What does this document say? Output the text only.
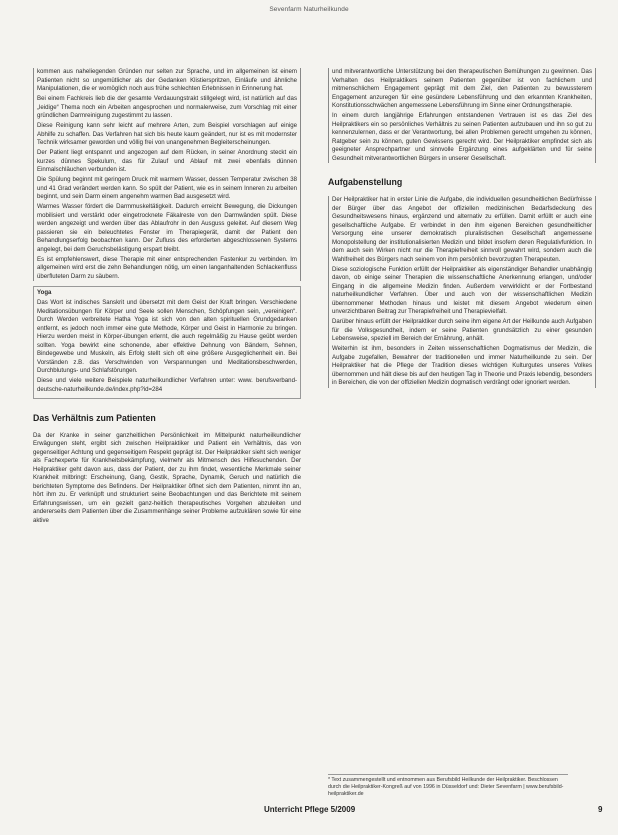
Sevenfarm Naturheilkunde

kommen aus naheliegenden Gründen nur selten zur Sprache, und im allgemeinen ist einem Patienten nicht so ungemütlicher als der Gedanken Klistierspritzen, Einläufe und ähnliche Manipulationen, die er womöglich noch aus frühe schlechten Erlebnissen in Erinnerung hat.

Bei einem Fachkreis lieb die der gesamte Verdauungstrakt stillgelegt wird, ist natürlich auf das „leidige“ Thema noch ein Arbeiten angesprochen und normalerweise, zum Vorschlag mit einer gründlichen Darmreinigung zugestimmt zu lassen.

Diese Reinigung kann sehr leicht auf mehrere Arten, zum Beispiel vorschlagen auf einige Abhilfe zu schaffen. Das Verfahren hat sich bis heute kaum geändert, nur ist es mit modernster Technik wirksamer geworden und völlig frei von unangenehmen Begleiterscheinungen.

Der Patient liegt entspannt und angezogen auf dem Rücken, in seiner Anordnung steckt ein kurzes dünnes Spekulum, das für Zulauf und Ablauf mit zwei ebenfalls dünnen Einmalschläuchen verbunden ist.

Die Spülung beginnt mit geringem Druck mit warmem Wasser, dessen Temperatur zwischen 38 und 41 Grad verändert werden kann. So spült der Patient, wie es in seinem Inneren zu arbeiten beginnt, und sein Darm einem angenehm warmen Bad ausgesetzt wird.

Warmes Wasser fördert die Darmmuskeltätigkeit. Dadurch erreicht Bewegung, die Dickungen mobilisiert und verstärkt oder eingetrocknete Fäkalreste von den Darmwänden spült. Diese werden angezeigt und werden über das Ablaufrohr in den Ausguss geleitet. Auf diesem Weg passieren sie ein beleuchtetes Fenster im Therapiegerät, damit der Patient den Behandlungserfolg beobachten kann. Der Zufluss des erforderten abgeschlossenen Systems angelegt, bei dem Geruchsbelästigung erspart bleibt.

Es ist empfehlenswert, diese Therapie mit einer entsprechenden Fastenkur zu verbinden. Im allgemeinen wird erst die zehn Behandlungen nötig, um einen langanhaltenden Schlackenfluss überfluteten Darm zu säubern.

Yoga

Das Wort ist indisches Sanskrit und übersetzt mit dem Geist der Kraft bringen. Verschiedene Meditationsübungen für Körper und Seele sollen Menschen, Schöpfungen sein, „vereinigen“. Durch Werden verbreitete Hatha Yoga ist sich von den alten spirituellen Grundgedanken entfernt, es jedoch noch immer eine gute Methode, Körper und Geist in Harmonie zu bringen. Hierzu werden meist in Körper-übungen erlernt, die auch regelmäßig zu Hause geübt werden sollten. Yoga bewirkt eine schonende, aber effektive Dehnung von Bändern, Sehnen, Bindegewebe und Muskeln, als Erfolg stellt sich oft eine größere Ausgeglichenheit ein. Bei Vorständen z.B. das Verschwinden von Verspannungen und Meditationsbeschwerden, Durchblutungs- und Schlafstörungen.

Diese und viele weitere Beispiele naturheilkundlicher Verfahren unter: www. berufsverband-deutsche-naturheilkunde.de/index.php?id=284

Das Verhältnis zum Patienten

Da der Kranke in seiner ganzheitlichen Persönlichkeit im Mittelpunkt naturheilkundlicher Erwägungen steht, ergibt sich zwischen Heilpraktiker und Patient ein Verhältnis, das von gegenseitiger Achtung und gegenseitigem Respekt geprägt ist. Der Heilpraktiker sieht sich weniger als Fachexperte für Krankheitsbekämpfung, vielmehr als Mitmensch des Hilfesuchenden. Der Heilpraktiker geht davon aus, dass der Patient, der zu ihm findet, wesentliche Merkmale seiner Krankheit mitbringt: Erscheinung, Gang, Gestik, Sprache, Dynamik, Geruch und natürlich die berichteten Symptome des Befindens. Der Heilpraktiker öffnet sich dem Patienten, nimmt ihn an, hört ihm zu. Er verknüpft und strukturiert seine Beobachtungen und das Berichtete mit seinem Erfahrungswissen, um ein gezielt ganz-heitlich therapeutisches Vorgehen abzuleiten und andererseits dem Patienten über die Zusammenhänge seiner Probleme aufzuklären sowie für eine aktive

und mitverantwortliche Unterstützung bei den therapeutischen Bemühungen zu gewinnen. Das Verhalten des Heilpraktikers seinem Patienten gegenüber ist von fachlichem und mitmenschlichem Engagement geprägt mit dem Ziel, den Patienten zu bewussterem Engagement anzuregen für eine gesündere Lebensführung und den erkannten Krankheiten, Konstitutionsschwächen angemessene Lebensführung im Sinne einer Ordnungstherapie.

In einem durch langjährige Erfahrungen entstandenen Vertrauen ist es das Ziel des Heilpraktikers ein so persönliches Verhältnis zu seinen Patienten aufzubauen und ihn so gut zu kennenzulernen, dass er der Verantwortung, bei allen Problemen gerecht umgehen zu können, Ratgeber sein zu können, guten Gewissens gerecht wird. Der Heilpraktiker empfindet sich als geeigneter Ansprechpartner und sinnvolle Ergänzung eines aufgeklärten und für seine Gesundheit mitverantwortlichen Bürgers in unserer Gesellschaft.

Aufgabenstellung

Der Heilpraktiker hat in erster Linie die Aufgabe, die individuellen gesundheitlichen Bedürfnisse der Bürger über das Angebot der offiziellen medizinischen Bedarfsdeckung des Gesundheitswesens hinaus, ergänzend und alternativ zu erfüllen. Damit erfüllt er auch eine gesellschaftliche Aufgabe. Er verbindet in den ihm eigenen Bereichen gesundheitlicher Versorgung eine unserer demokratisch pluralistischen Gesellschaft angemessene Monopolstellung der institutionalisierten Medizin und bildet insofern deren Regulativfunktion. In dem auch sein Wirken nicht nur die Therapiefreiheit sinnvoll gewahrt wird, sondern auch die Wahlfreiheit des Bürgers nach seinem von ihm persönlich bevorzugten Therapeuten.

Diese soziologische Funktion erfüllt der Heilpraktiker als eigenständiger Behandler unabhängig davon, ob einige seiner Therapien die wissenschaftliche Anerkennung erlangen, und/oder Eingang in die allgemeine Medizin finden. Außerdem verwirklicht er der Fortbestand naturheilkundlicher Verfahren. Über und auch von der wissenschaftlichen Medizin übernommener Methoden hinaus und leistet mit diesem Angebot wiederum einen unverzichtbaren Beitrag zur Therapiefreiheit und Therapievielfalt.

Darüber hinaus erfüllt der Heilpraktiker durch seine ihm eigene Art der Heilkunde auch Aufgaben für die Volksgesundheit, indem er seine Patienten grundsätzlich zu einer gesunden Lebensweise, speziell im Bereich der Ernährung, anhält.

Weiterhin ist ihm, besonders in Zeiten wissenschaftlichen Dogmatismus der Medizin, die Aufgabe zugefallen, Bewahrer der traditionellen und immer Naturheilkunde zu sein. Der Heilpraktiker hat die Pflege der Tradition dieses wichtigen Kulturgutes unseres Volkes übernommen und hält diese bis auf den heutigen Tag in Theorie und Praxis lebendig, besonders in Bereichen, die von der offiziellen Medizin dogmatisch verdrängt oder ignoriert werden.

* Text zusammengestellt und entnommen aus Berufsbild Heilkunde der Heilpraktiker. Beschlossen durch die Heilpraktiker-Kongreß auf von 1996 in Düsseldorf und: Dieter Sevenfarm | www.berufsbild-heilpraktiker.de
Unterricht Pflege 5/2009	9
